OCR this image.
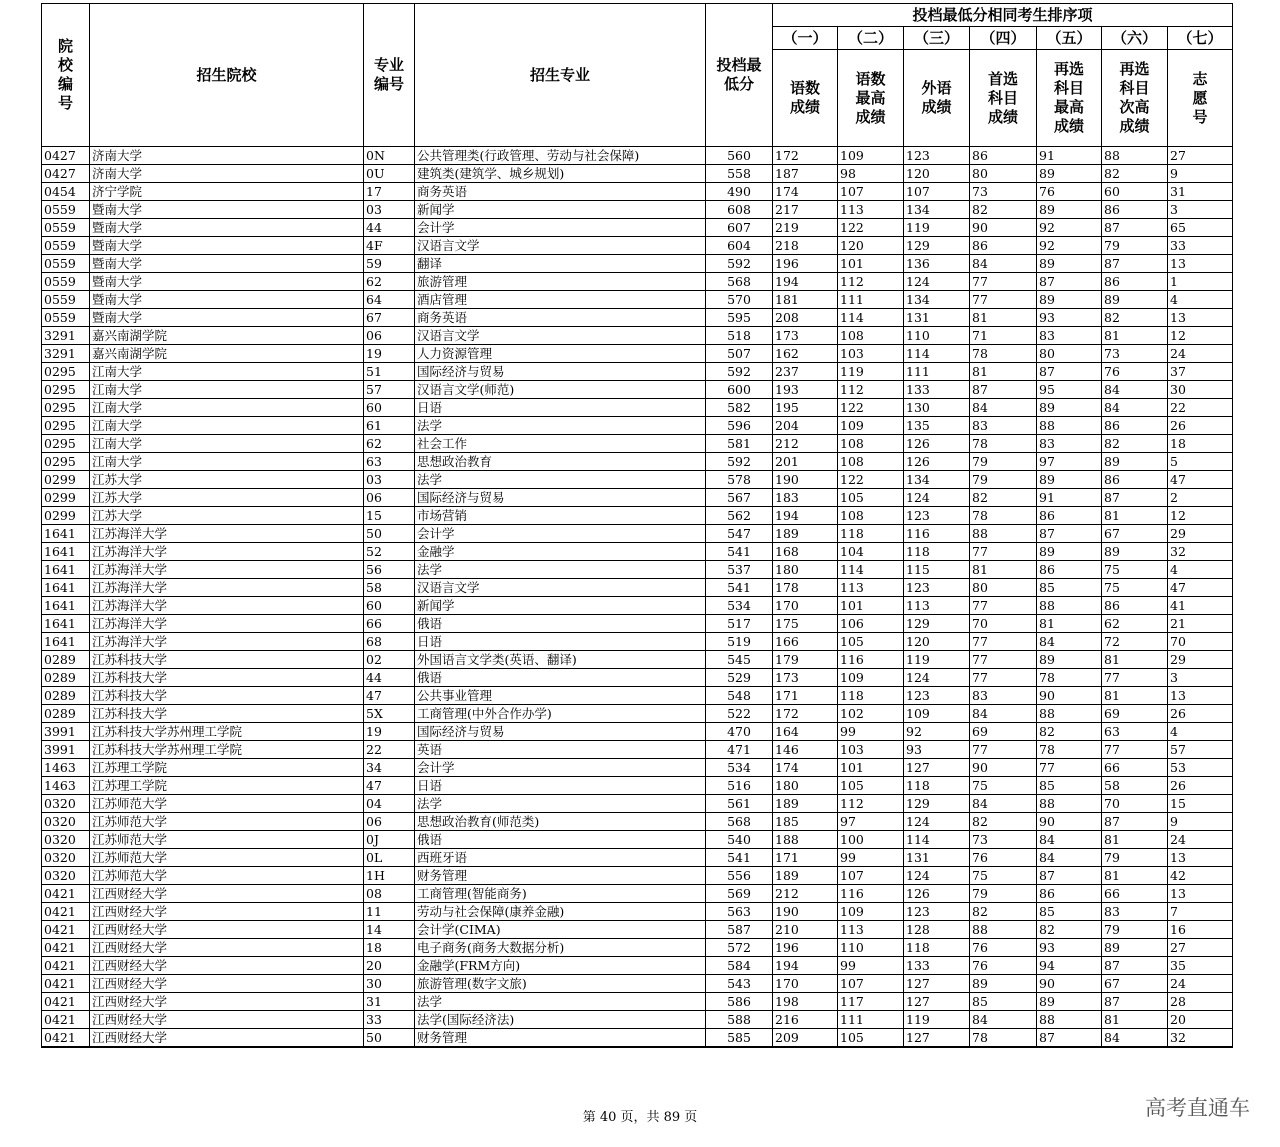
院校编号	招生院校	专业编号	招生专业	投档最低分	投档最低分相同考生排序项						
					（一）	（二）	（三）	（四）	（五）	（六）	（七）
					语数成绩	语数最高成绩	外语成绩	首选科目成绩	再选科目最高成绩	再选科目次高成绩	志愿号
0427	济南大学	0N	公共管理类(行政管理、劳动与社会保障)	560	172	109	123	86	91	88	27
0427	济南大学	0U	建筑类(建筑学、城乡规划)	558	187	98	120	80	89	82	9
0454	济宁学院	17	商务英语	490	174	107	107	73	76	60	31
0559	暨南大学	03	新闻学	608	217	113	134	82	89	86	3
0559	暨南大学	44	会计学	607	219	122	119	90	92	87	65
0559	暨南大学	4F	汉语言文学	604	218	120	129	86	92	79	33
0559	暨南大学	59	翻译	592	196	101	136	84	89	87	13
0559	暨南大学	62	旅游管理	568	194	112	124	77	87	86	1
0559	暨南大学	64	酒店管理	570	181	111	134	77	89	89	4
0559	暨南大学	67	商务英语	595	208	114	131	81	93	82	13
3291	嘉兴南湖学院	06	汉语言文学	518	173	108	110	71	83	81	12
3291	嘉兴南湖学院	19	人力资源管理	507	162	103	114	78	80	73	24
0295	江南大学	51	国际经济与贸易	592	237	119	111	81	87	76	37
0295	江南大学	57	汉语言文学(师范)	600	193	112	133	87	95	84	30
0295	江南大学	60	日语	582	195	122	130	84	89	84	22
0295	江南大学	61	法学	596	204	109	135	83	88	86	26
0295	江南大学	62	社会工作	581	212	108	126	78	83	82	18
0295	江南大学	63	思想政治教育	592	201	108	126	79	97	89	5
0299	江苏大学	03	法学	578	190	122	134	79	89	86	47
0299	江苏大学	06	国际经济与贸易	567	183	105	124	82	91	87	2
0299	江苏大学	15	市场营销	562	194	108	123	78	86	81	12
1641	江苏海洋大学	50	会计学	547	189	118	116	88	87	67	29
1641	江苏海洋大学	52	金融学	541	168	104	118	77	89	89	32
1641	江苏海洋大学	56	法学	537	180	114	115	81	86	75	4
1641	江苏海洋大学	58	汉语言文学	541	178	113	123	80	85	75	47
1641	江苏海洋大学	60	新闻学	534	170	101	113	77	88	86	41
1641	江苏海洋大学	66	俄语	517	175	106	129	70	81	62	21
1641	江苏海洋大学	68	日语	519	166	105	120	77	84	72	70
0289	江苏科技大学	02	外国语言文学类(英语、翻译)	545	179	116	119	77	89	81	29
0289	江苏科技大学	44	俄语	529	173	109	124	77	78	77	3
0289	江苏科技大学	47	公共事业管理	548	171	118	123	83	90	81	13
0289	江苏科技大学	5X	工商管理(中外合作办学)	522	172	102	109	84	88	69	26
3991	江苏科技大学苏州理工学院	19	国际经济与贸易	470	164	99	92	69	82	63	4
3991	江苏科技大学苏州理工学院	22	英语	471	146	103	93	77	78	77	57
1463	江苏理工学院	34	会计学	534	174	101	127	90	77	66	53
1463	江苏理工学院	47	日语	516	180	105	118	75	85	58	26
0320	江苏师范大学	04	法学	561	189	112	129	84	88	70	15
0320	江苏师范大学	06	思想政治教育(师范类)	568	185	97	124	82	90	87	9
0320	江苏师范大学	0J	俄语	540	188	100	114	73	84	81	24
0320	江苏师范大学	0L	西班牙语	541	171	99	131	76	84	79	13
0320	江苏师范大学	1H	财务管理	556	189	107	124	75	87	81	42
0421	江西财经大学	08	工商管理(智能商务)	569	212	116	126	79	86	66	13
0421	江西财经大学	11	劳动与社会保障(康养金融)	563	190	109	123	82	85	83	7
0421	江西财经大学	14	会计学(CIMA)	587	210	113	128	88	82	79	16
0421	江西财经大学	18	电子商务(商务大数据分析)	572	196	110	118	76	93	89	27
0421	江西财经大学	20	金融学(FRM方向)	584	194	99	133	76	94	87	35
0421	江西财经大学	30	旅游管理(数字文旅)	543	170	107	127	89	90	67	24
0421	江西财经大学	31	法学	586	198	117	127	85	89	87	28
0421	江西财经大学	33	法学(国际经济法)	588	216	111	119	84	88	81	20
0421	江西财经大学	50	财务管理	585	209	105	127	78	87	84	32
第 40 页，共 89 页	高考直通车
